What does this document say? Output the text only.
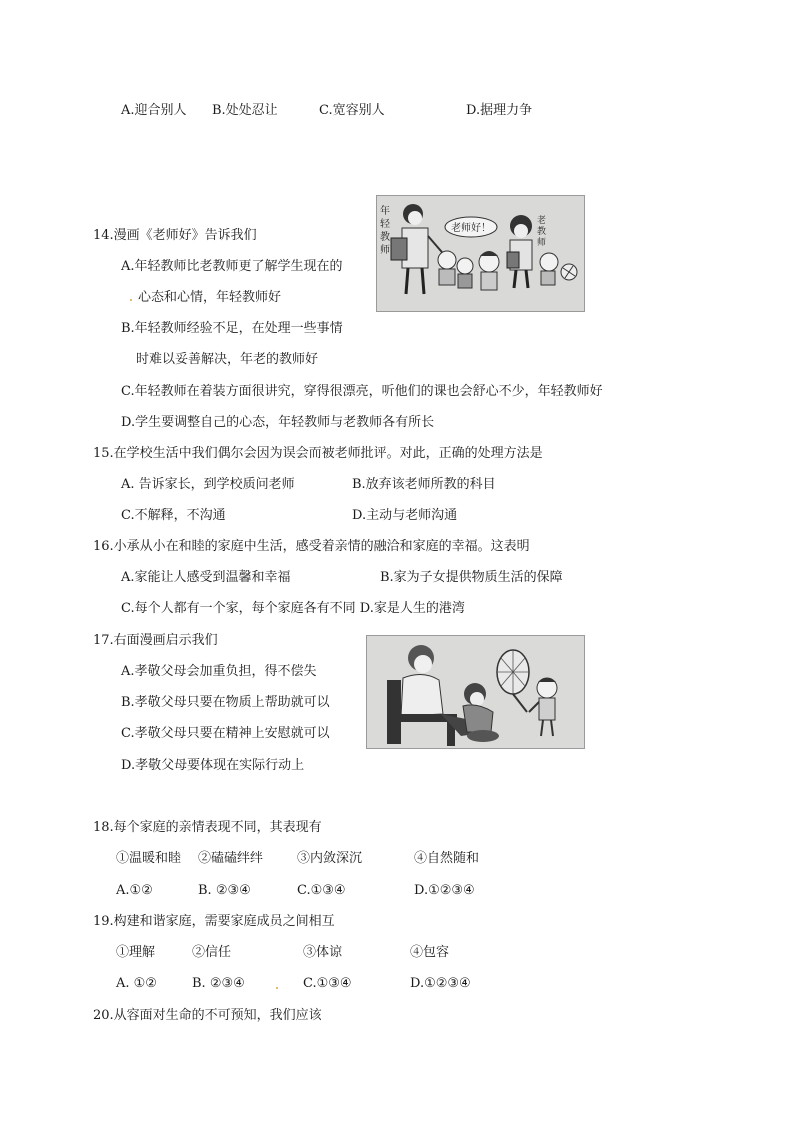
A.迎合别人 B.处处忍让	C.宽容别人	D.据理力争
14.漫画《老师好》告诉我们
A.年轻教师比老教师更了解学生现在的
心态和心情，年轻教师好
B.年轻教师经验不足，在处理一些事情
时难以妥善解决，年老的教师好
C.年轻教师在着装方面很讲究，穿得很漂亮，听他们的课也会舒心不少，年轻教师好
D.学生要调整自己的心态，年轻教师与老教师各有所长
年
轻
教
师
老师好！
老
教
师
15.在学校生活中我们偶尔会因为误会而被老师批评。对此，正确的处理方法是
A. 告诉家长，到学校质问老师	B.放弃该老师所教的科目
C.不解释，不沟通	D.主动与老师沟通
16.小承从小在和睦的家庭中生活，感受着亲情的融洽和家庭的幸福。这表明
A.家能让人感受到温馨和幸福	B.家为子女提供物质生活的保障
C.每个人都有一个家，每个家庭各有不同 D.家是人生的港湾
17.右面漫画启示我们
A.孝敬父母会加重负担，得不偿失
B.孝敬父母只要在物质上帮助就可以
C.孝敬父母只要在精神上安慰就可以
D.孝敬父母要体现在实际行动上
18.每个家庭的亲情表现不同，其表现有
①温暖和睦 ②磕磕绊绊	③内敛深沉	④自然随和
A.①②	B. ②③④	C.①③④	D.①②③④
19.构建和谐家庭，需要家庭成员之间相互
①理解	②信任	③体谅	④包容
A. ①②	B. ②③④	C.①③④	D.①②③④
20.从容面对生命的不可预知，我们应该
